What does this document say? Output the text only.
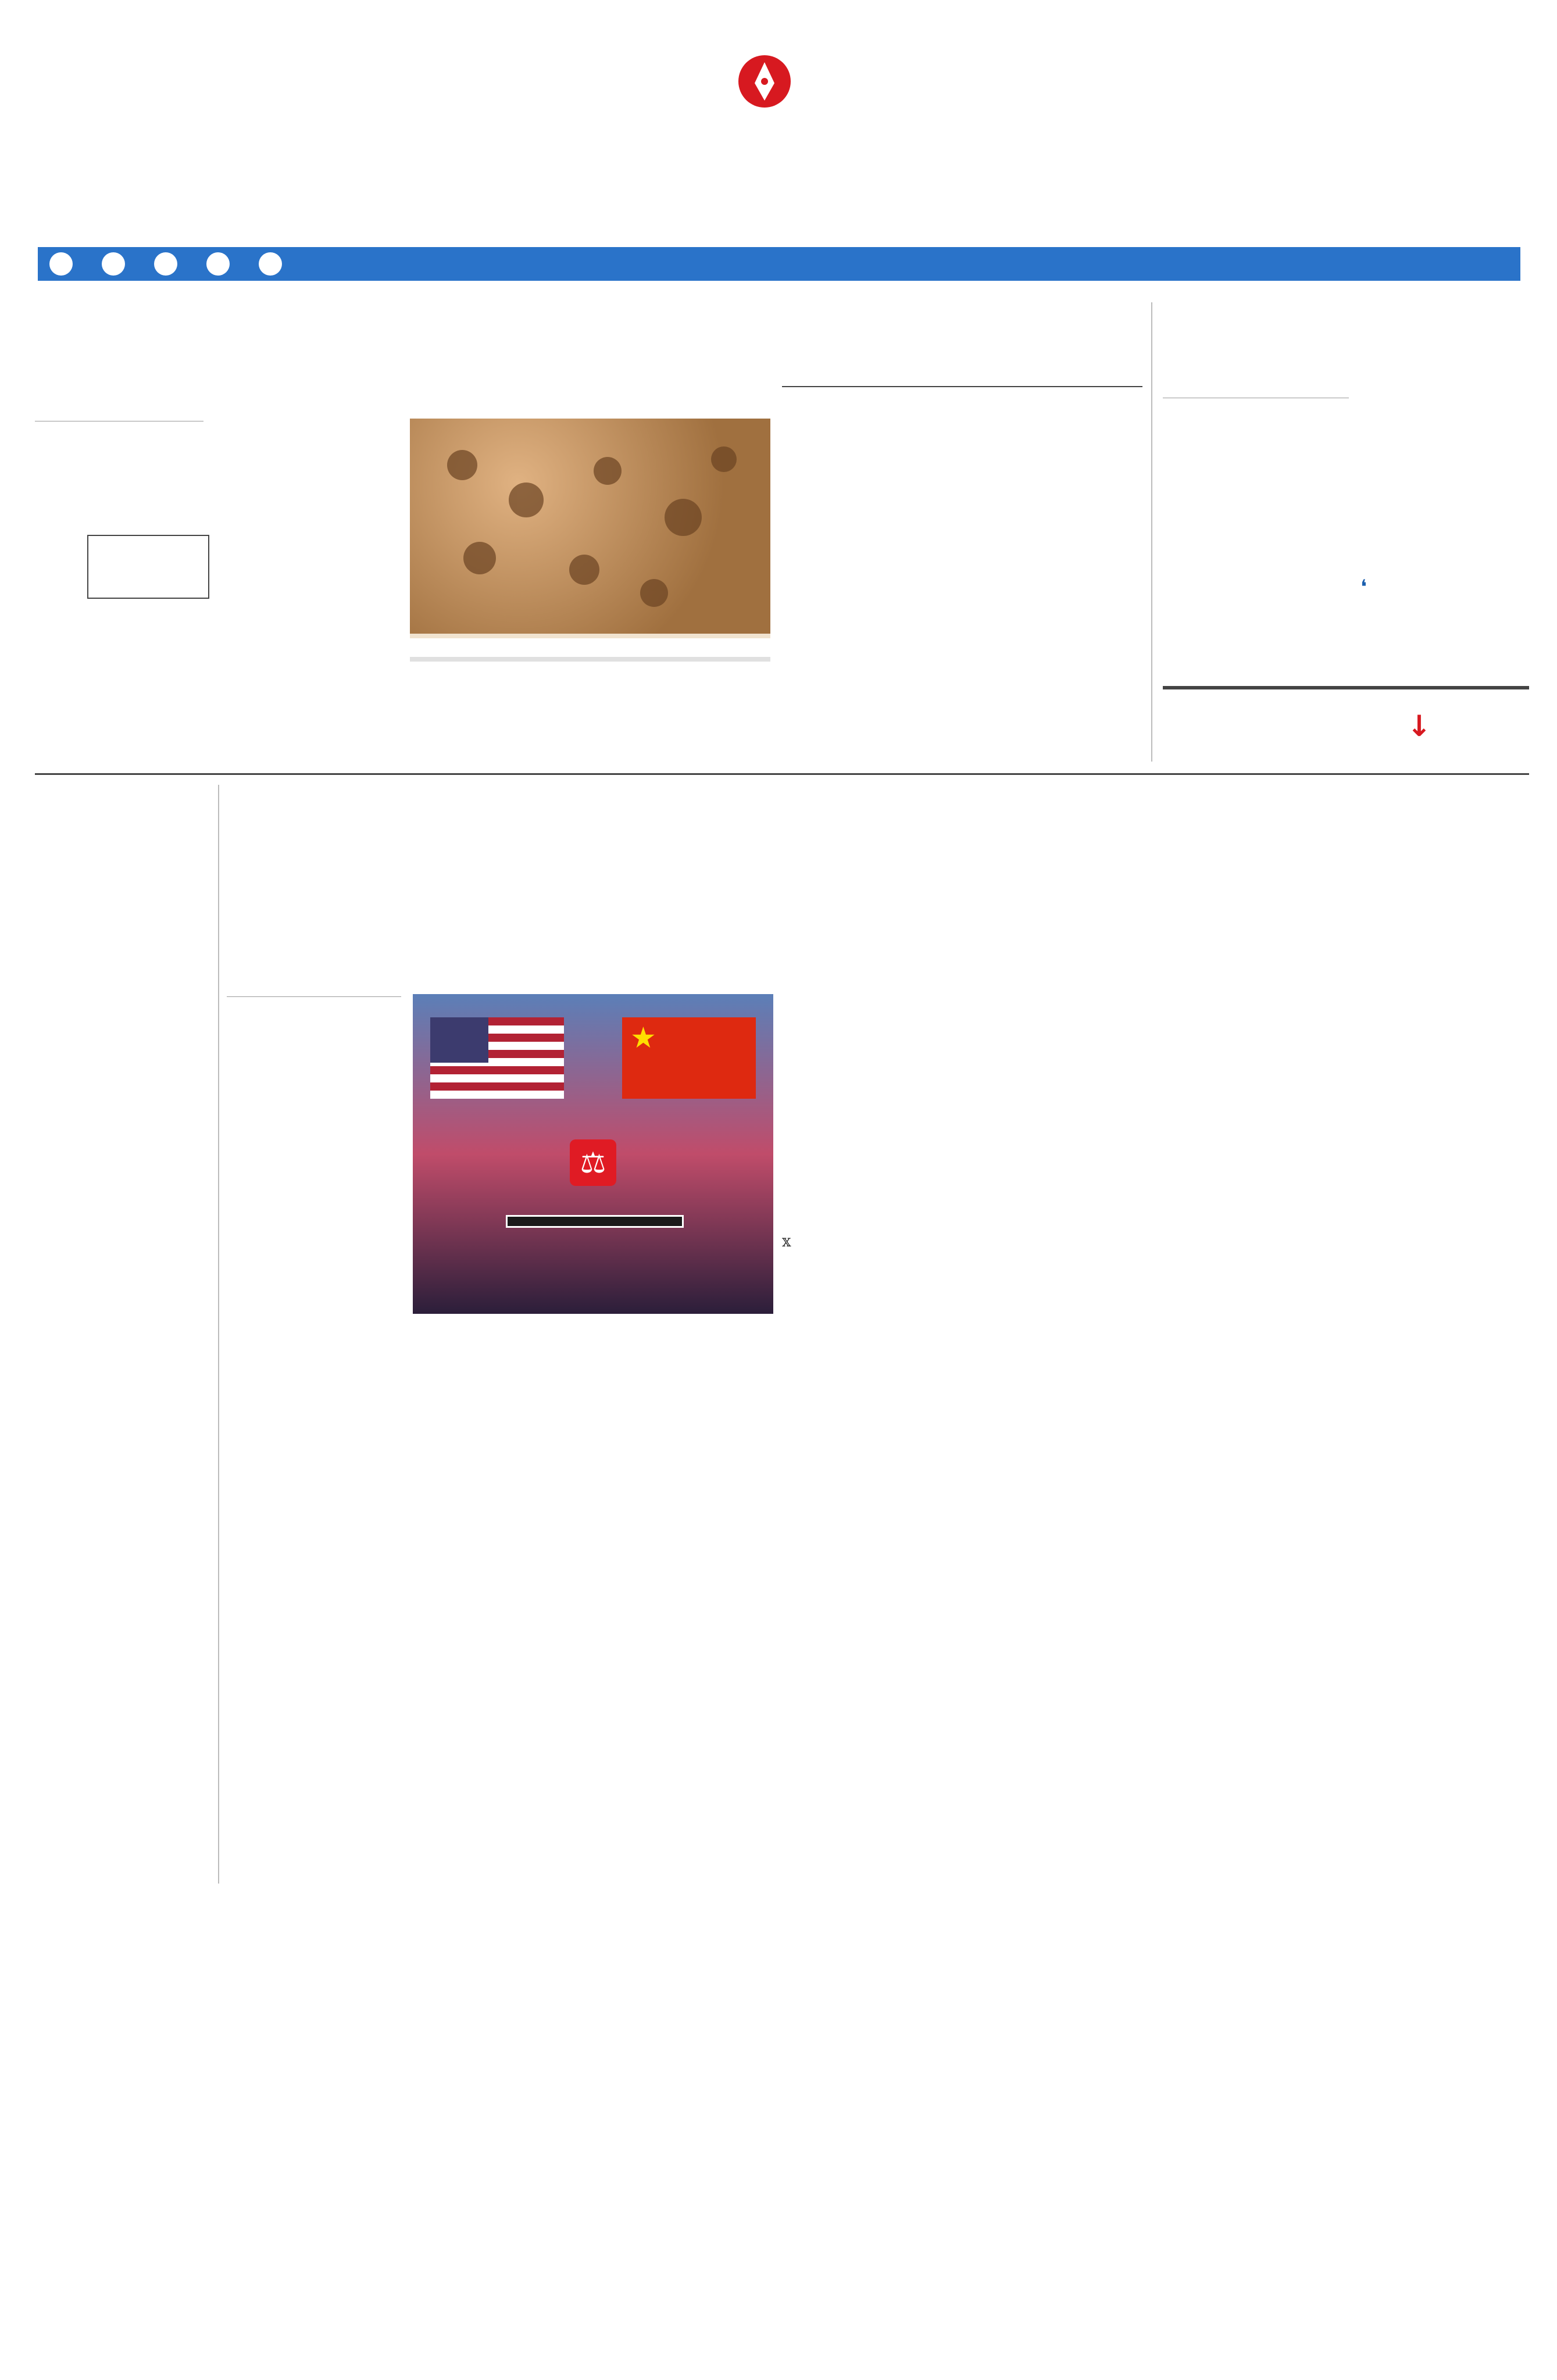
❛

↓
★
⚖
𝕏
